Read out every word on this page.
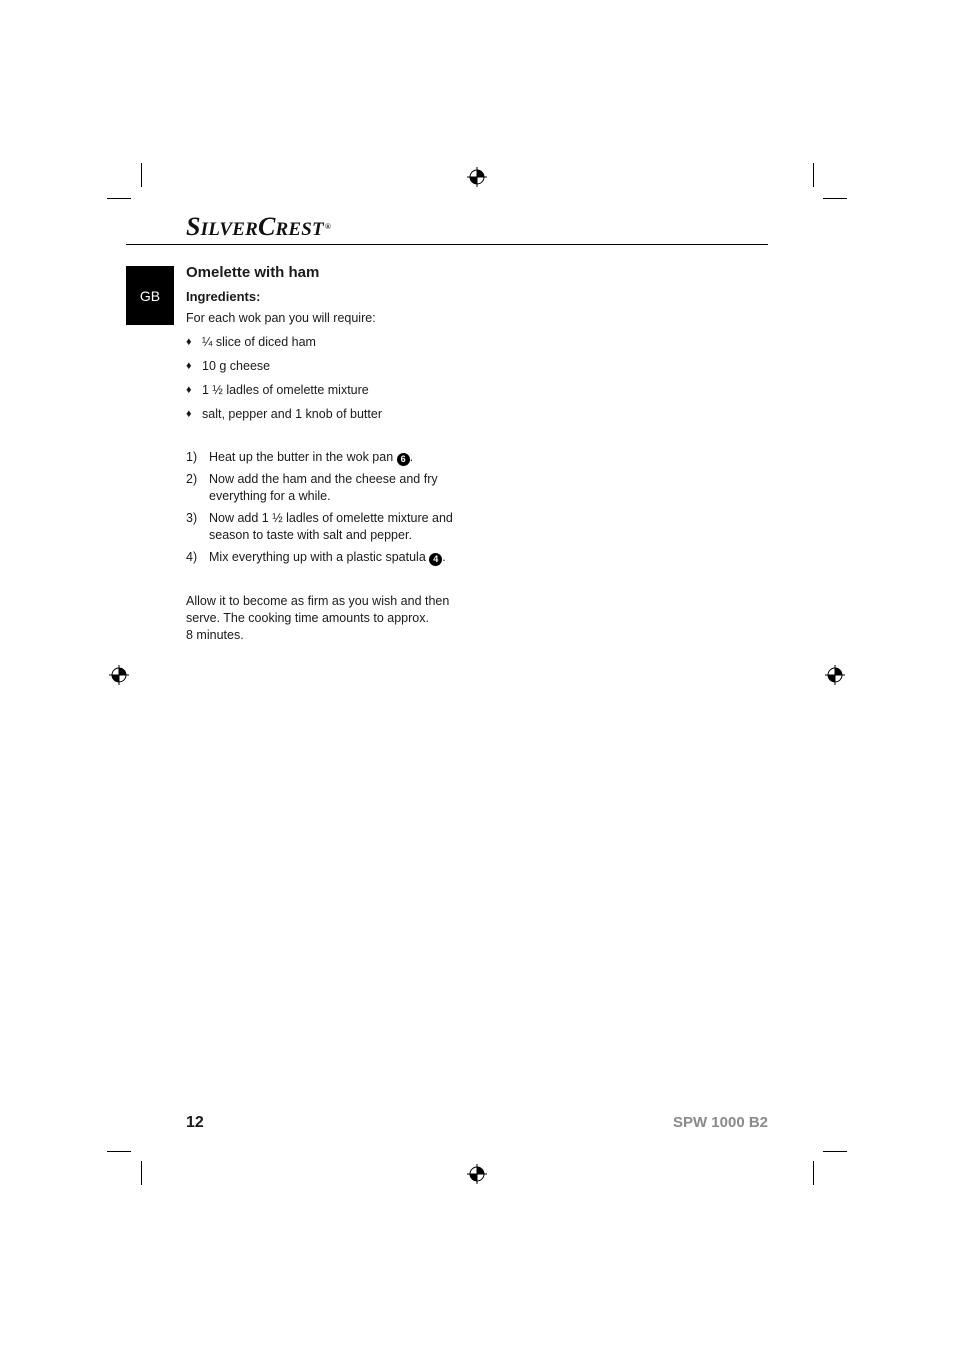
SILVERCREST®
GB
Omelette with ham
Ingredients:
For each wok pan you will require:
♦ ¼ slice of diced ham
♦ 10 g cheese
♦ 1 ½ ladles of omelette mixture
♦ salt, pepper and 1 knob of butter
1) Heat up the butter in the wok pan 6 .
2) Now add the ham and the cheese and fry everything for a while.
3) Now add 1 ½ ladles of omelette mixture and season to taste with salt and pepper.
4) Mix everything up with a plastic spatula 4 .

Allow it to become as firm as you wish and then
serve. The cooking time amounts to approx.
8 minutes.

12	SPW 1000 B2
